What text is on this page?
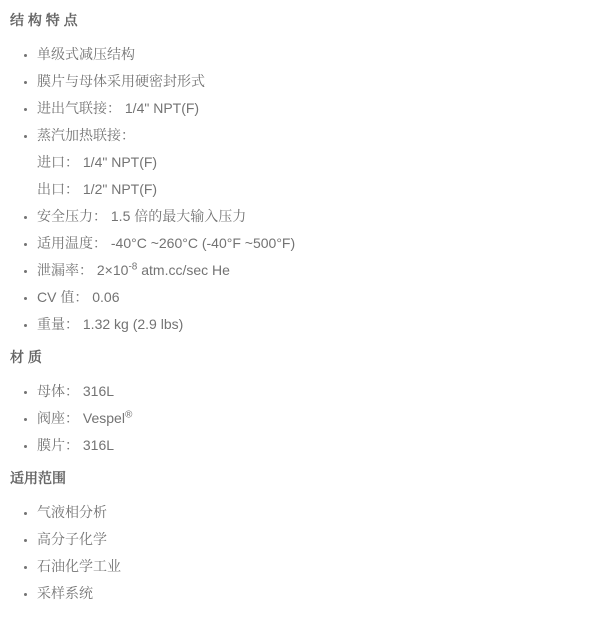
结 构 特 点
• 单级式减压结构
• 膜片与母体采用硬密封形式
• 进出气联接： 1/4" NPT(F)
• 蒸汽加热联接：
进口： 1/4" NPT(F)
出口： 1/2" NPT(F)
• 安全压力： 1.5 倍的最大输入压力
• 适用温度： -40°C ~260°C (-40°F ~500°F)
• 泄漏率： $2\times 10^{-8}$ atm.cc/sec He
• CV 值： 0.06
• 重量： 1.32 kg (2.9 lbs)
材 质
• 母体： 316L
• 阀座： Vespel®
• 膜片： 316L
适用范围
• 气液相分析
• 高分子化学
• 石油化学工业
• 采样系统
